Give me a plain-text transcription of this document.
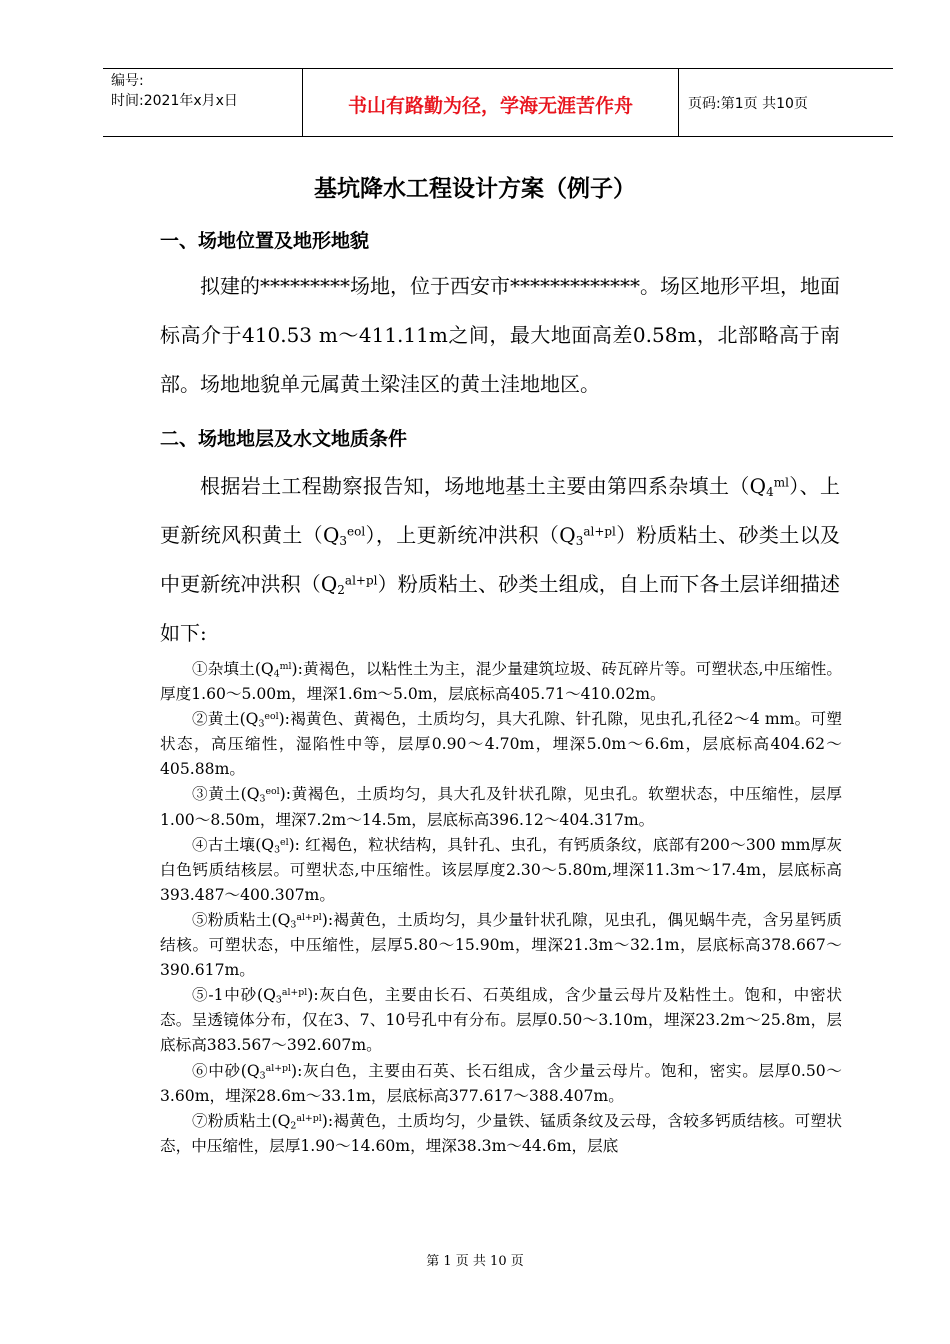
编号:
时间:2021年x月x日	书山有路勤为径，学海无涯苦作舟	页码:第1页 共10页
基坑降水工程设计方案（例子）
一、场地位置及地形地貌
拟建的*********场地，位于西安市*************。场区地形平坦，地面标高介于410.53 m～411.11m之间，最大地面高差0.58m，北部略高于南部。场地地貌单元属黄土梁洼区的黄土洼地地区。
二、场地地层及水文地质条件
根据岩土工程勘察报告知，场地地基土主要由第四系杂填土$(Q_4^{ml})$、上更新统风积黄土$(Q_3^{eol})$，上更新统冲洪积$(Q_3^{al+pl})$粉质粘土、砂类土以及中更新统冲洪积$(Q_2^{al+pl})$粉质粘土、砂类土组成，自上而下各土层详细描述如下:

①杂填土$(Q_4^{ml})$:黄褐色，以粘性土为主，混少量建筑垃圾、砖瓦碎片等。可塑状态,中压缩性。厚度1.60～5.00m，埋深1.6m～5.0m，层底标高405.71～410.02m。

②黄土$(Q_3^{eol})$:褐黄色、黄褐色，土质均匀，具大孔隙、针孔隙，见虫孔,孔径2～4 mm。可塑状态，高压缩性，湿陷性中等，层厚0.90～4.70m，埋深5.0m～6.6m，层底标高404.62～405.88m。

③黄土$(Q_3^{eol})$:黄褐色，土质均匀，具大孔及针状孔隙，见虫孔。软塑状态，中压缩性，层厚1.00～8.50m，埋深7.2m～14.5m，层底标高396.12～404.317m。

④古土壤$(Q_3^{el})$: 红褐色，粒状结构，具针孔、虫孔，有钙质条纹，底部有200～300 mm厚灰白色钙质结核层。可塑状态,中压缩性。该层厚度2.30～5.80m,埋深11.3m～17.4m，层底标高393.487～400.307m。

⑤粉质粘土$(Q_3^{al+pl})$:褐黄色，土质均匀，具少量针状孔隙，见虫孔，偶见蜗牛壳，含另星钙质结核。可塑状态，中压缩性，层厚5.80～15.90m，埋深21.3m～32.1m，层底标高378.667～390.617m。

⑤-1中砂$(Q_3^{al+pl})$:灰白色，主要由长石、石英组成，含少量云母片及粘性土。饱和，中密状态。呈透镜体分布，仅在3、7、10号孔中有分布。层厚0.50～3.10m，埋深23.2m～25.8m，层底标高383.567～392.607m。

⑥中砂$(Q_3^{al+pl})$:灰白色，主要由石英、长石组成，含少量云母片。饱和，密实。层厚0.50～3.60m，埋深28.6m～33.1m，层底标高377.617～388.407m。

⑦粉质粘土$(Q_2^{al+pl})$:褐黄色，土质均匀，少量铁、锰质条纹及云母，含较多钙质结核。可塑状态，中压缩性，层厚1.90～14.60m，埋深38.3m～44.6m，层底

第 1 页 共 10 页
